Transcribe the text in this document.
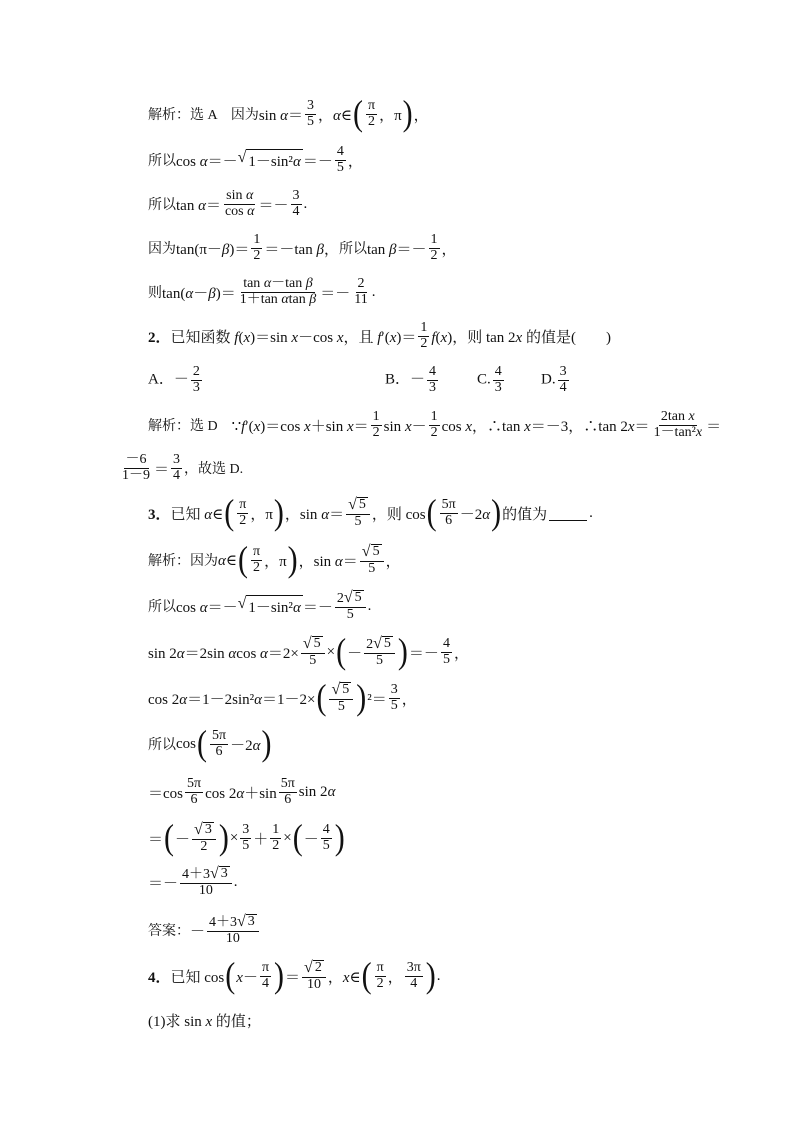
解析：选 A　因为 $\sin \alpha= \frac{3}{5}$ ，α∈ ( $\frac{\pi}{2}$ ，π ) ，
所以 cos α＝－ √ $1-\sin^2\alpha =- \frac{4}{5}$ ，
所以 $\tan \alpha= \frac{\text{sin α}}{\text{cos α}} =- \frac{3}{4}$ .
因为 $\tan(\pi-\beta)= \frac{1}{2} =-\tan$ β， 所以 $\tan \beta=- \frac{1}{2}$ ，
则 $\tan(\alpha-\beta)= \frac{\text{tan α－tan β}}{\text{1＋tan αtan β}} =- \frac{2}{11}$ .
2． 已知函数 f(x)＝sin x－cos x，且 $f'(x)= \frac{1}{2} f(x)$，则 tan 2x 的值是(　　)
A．－ $\frac{2}{3}$	B．－ $\frac{4}{3}$	C. $\frac{4}{3} D$. $\frac{3}{4}$
解析：选 D　 ∵f′(x)＝cos x＋sin $x= \frac{1}{2}$ $\sin x- \frac{1}{2}$ cos x，∴tan x＝－3，∴tan $2x= \frac{\text{2tan x}}{\text{1－tan²x}}$ ＝
$\frac{-6}{1-9} = \frac{3}{4}$ ，故选 D.
3． 已知 α∈ ( $\frac{\pi}{2}$ ，π ) ，$\sin \alpha= \frac{√ 5}{5}$ ，则 cos ( $\frac{5\pi}{6} -2\alpha$ ) 的值为	.
解析：因为 α∈ ( $\frac{\pi}{2}$ ，π ) ，$\sin \alpha= \frac{√ 5}{5}$ ，
所以 cos α＝－ √ $1-\sin^2\alpha =- \frac{2 √ 5}{5}$ .
sin 2α＝2sin αcos $\alpha=2\times \frac{√ 5}{5}$ × ( － $\frac{2 √ 5}{5}$ ) ＝－ $\frac{4}{5}$ ，
cos 2α＝1－2sin²α＝1－2× ( $\frac{√ 5}{5}$ ) $^2= \frac{3}{5}$ ，
所以 cos ( $\frac{5\pi}{6} -2\alpha$ )
$=\cos \frac{5\pi}{6}$ $\cos 2\alpha+\sin \frac{5\pi}{6}$ sin 2α
＝ ( － $\frac{√ 3}{2}$ ) × $\frac{3}{5} + \frac{1}{2}$ × ( － $\frac{4}{5}$ )
＝－ $\frac{4+3 √ 3}{10}$ .
答案： － $\frac{4+3 √ 3}{10}$
4． 已知 cos ( $x- \frac{\pi}{4}$ ) ＝ $\frac{√ 2}{10}$ ，x∈ ( $\frac{\pi}{2}$ ， $\frac{3\pi}{4}$ ) .
(1)求 sin x 的值；
